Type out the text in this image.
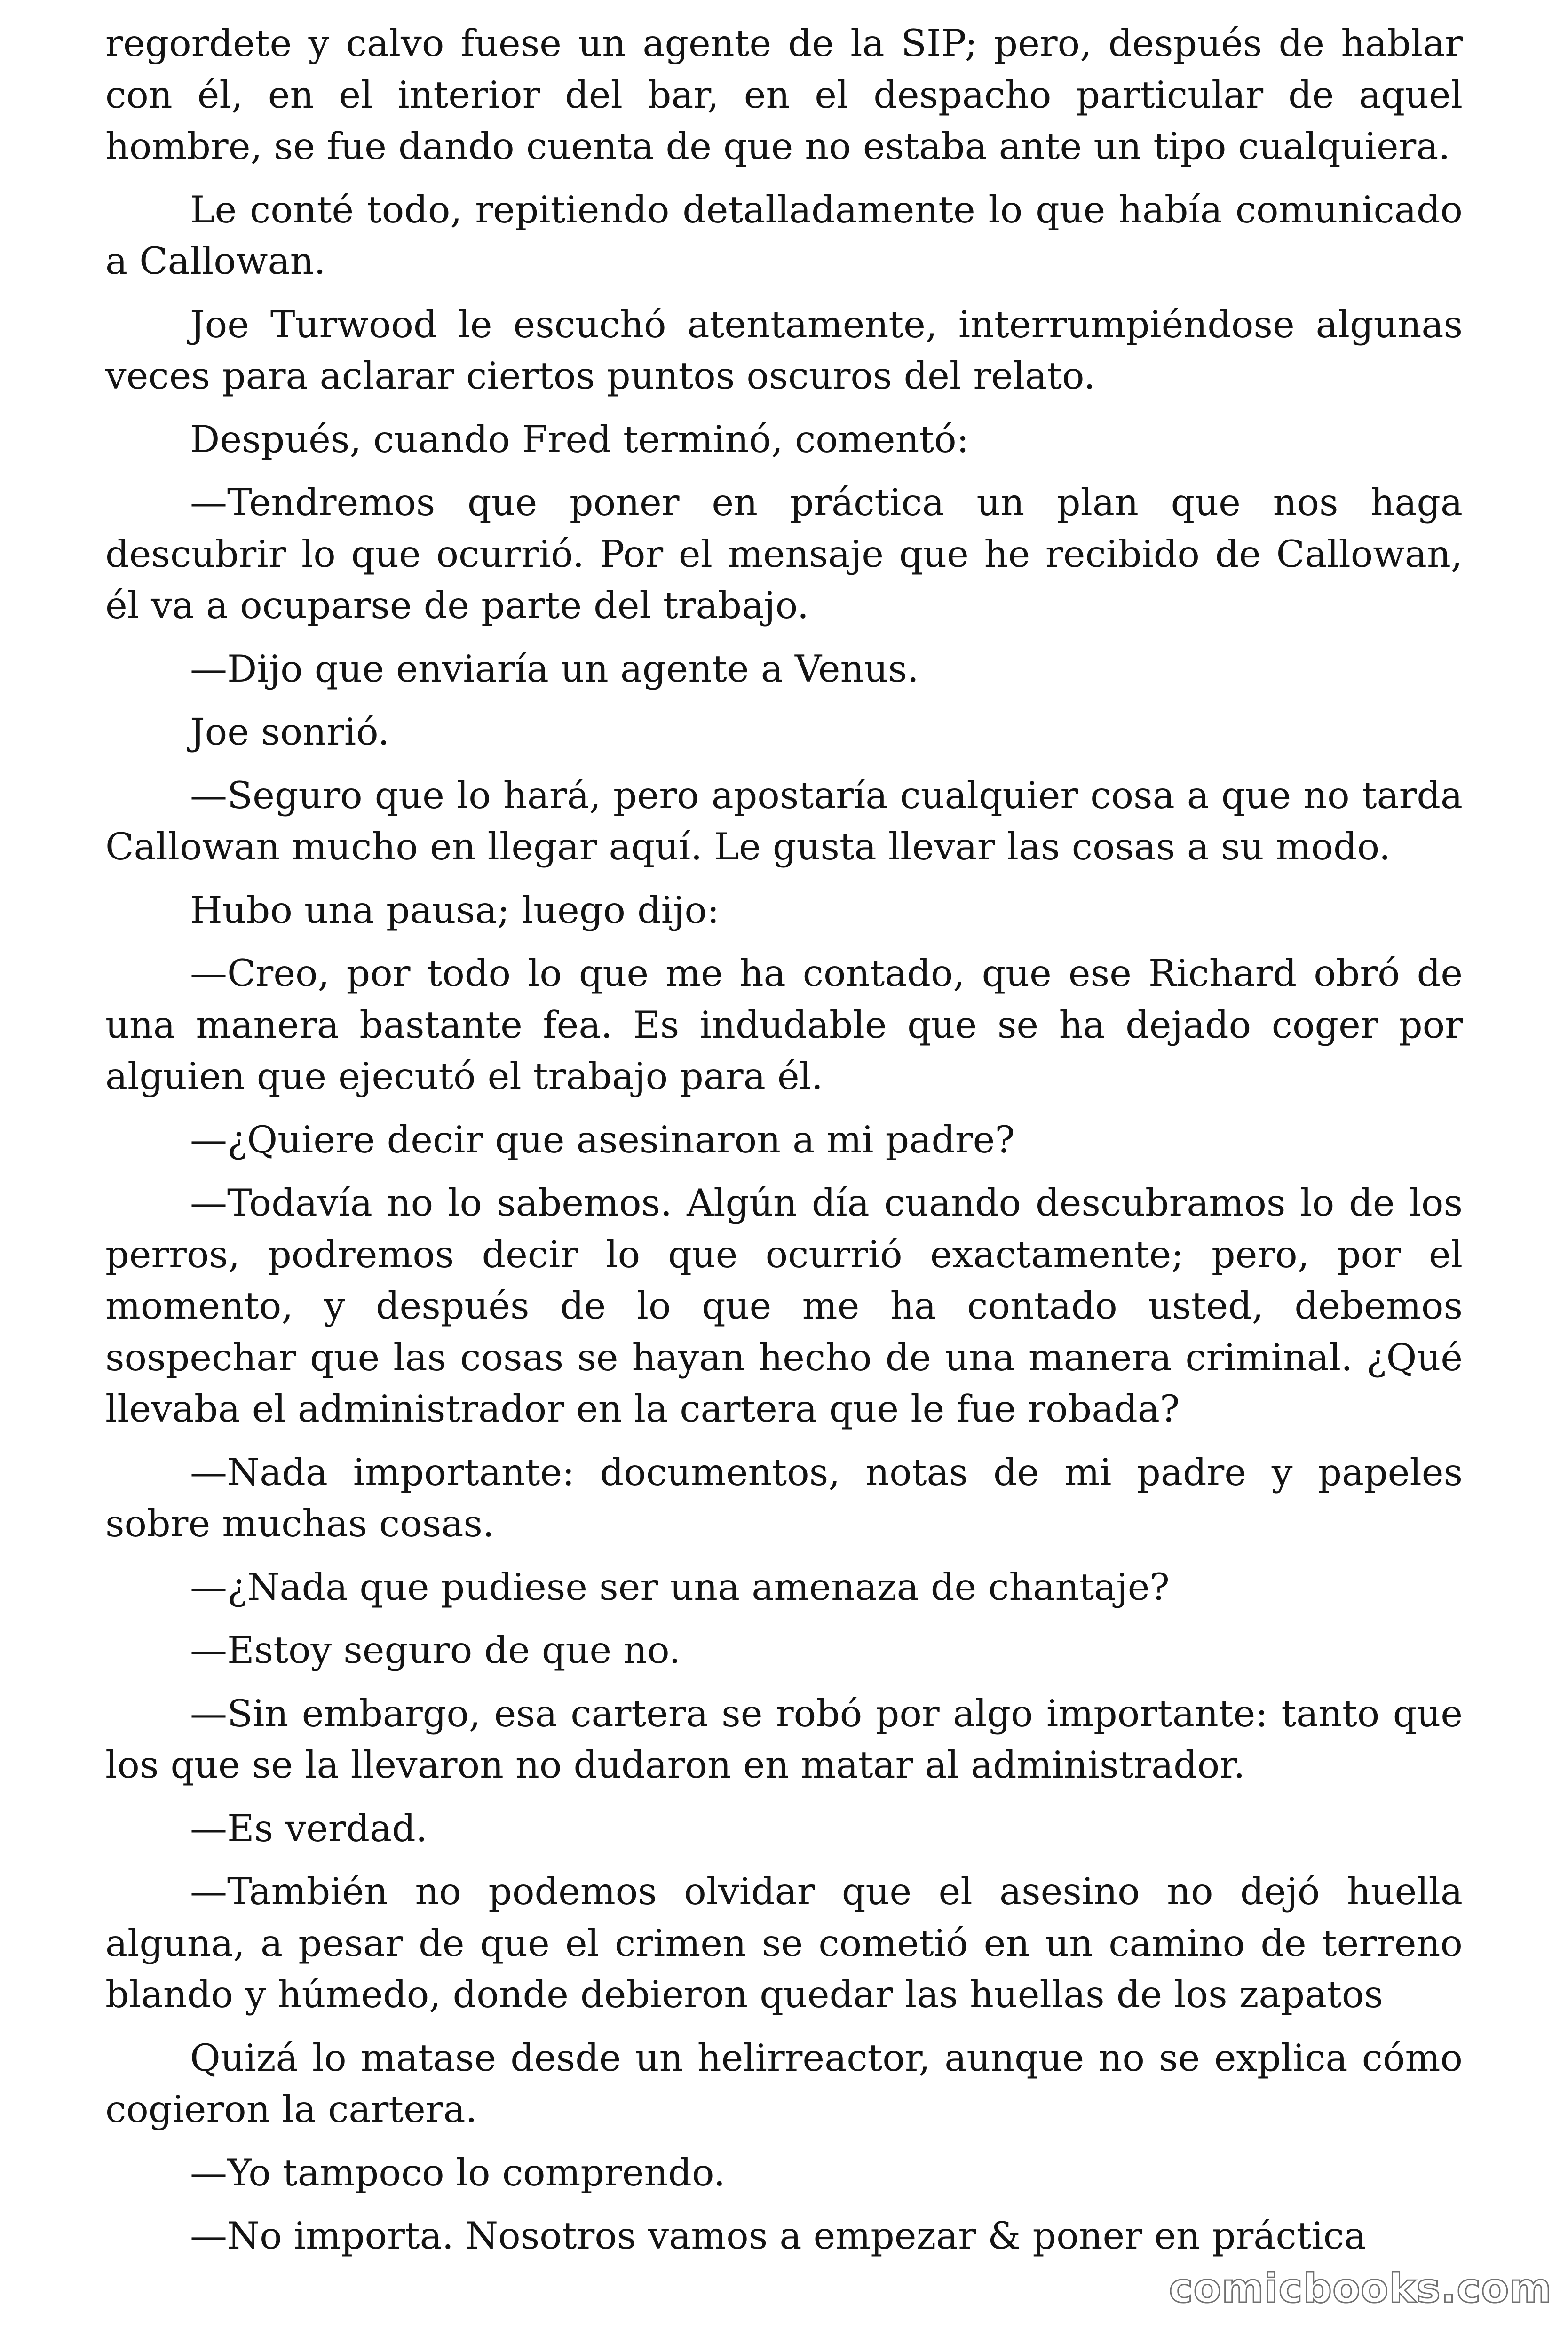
regordete y calvo fuese un agente de la SIP; pero, después de hablar con él, en el interior del bar, en el despacho particular de aquel hombre, se fue dando cuenta de que no estaba ante un tipo cualquiera.

Le conté todo, repitiendo detalladamente lo que había comunicado a Callowan.

Joe Turwood le escuchó atentamente, interrumpiéndose algunas veces para aclarar ciertos puntos oscuros del relato.

Después, cuando Fred terminó, comentó:

—Tendremos que poner en práctica un plan que nos haga descubrir lo que ocurrió. Por el mensaje que he recibido de Callowan, él va a ocuparse de parte del trabajo.

—Dijo que enviaría un agente a Venus.

Joe sonrió.

—Seguro que lo hará, pero apostaría cualquier cosa a que no tarda Callowan mucho en llegar aquí. Le gusta llevar las cosas a su modo.

Hubo una pausa; luego dijo:

—Creo, por todo lo que me ha contado, que ese Richard obró de una manera bastante fea. Es indudable que se ha dejado coger por alguien que ejecutó el trabajo para él.

—¿Quiere decir que asesinaron a mi padre?

—Todavía no lo sabemos. Algún día cuando descubramos lo de los perros, podremos decir lo que ocurrió exactamente; pero, por el momento, y después de lo que me ha contado usted, debemos sospechar que las cosas se hayan hecho de una manera criminal. ¿Qué llevaba el administrador en la cartera que le fue robada?

—Nada importante: documentos, notas de mi padre y papeles sobre muchas cosas.

—¿Nada que pudiese ser una amenaza de chantaje?

—Estoy seguro de que no.

—Sin embargo, esa cartera se robó por algo importante: tanto que los que se la llevaron no dudaron en matar al administrador.

—Es verdad.

—También no podemos olvidar que el asesino no dejó huella alguna, a pesar de que el crimen se cometió en un camino de terreno blando y húmedo, donde debieron quedar las huellas de los zapatos

Quizá lo matase desde un helirreactor, aunque no se explica cómo cogieron la cartera.

—Yo tampoco lo comprendo.

—No importa. Nosotros vamos a empezar & poner en práctica

comicbooks.com
